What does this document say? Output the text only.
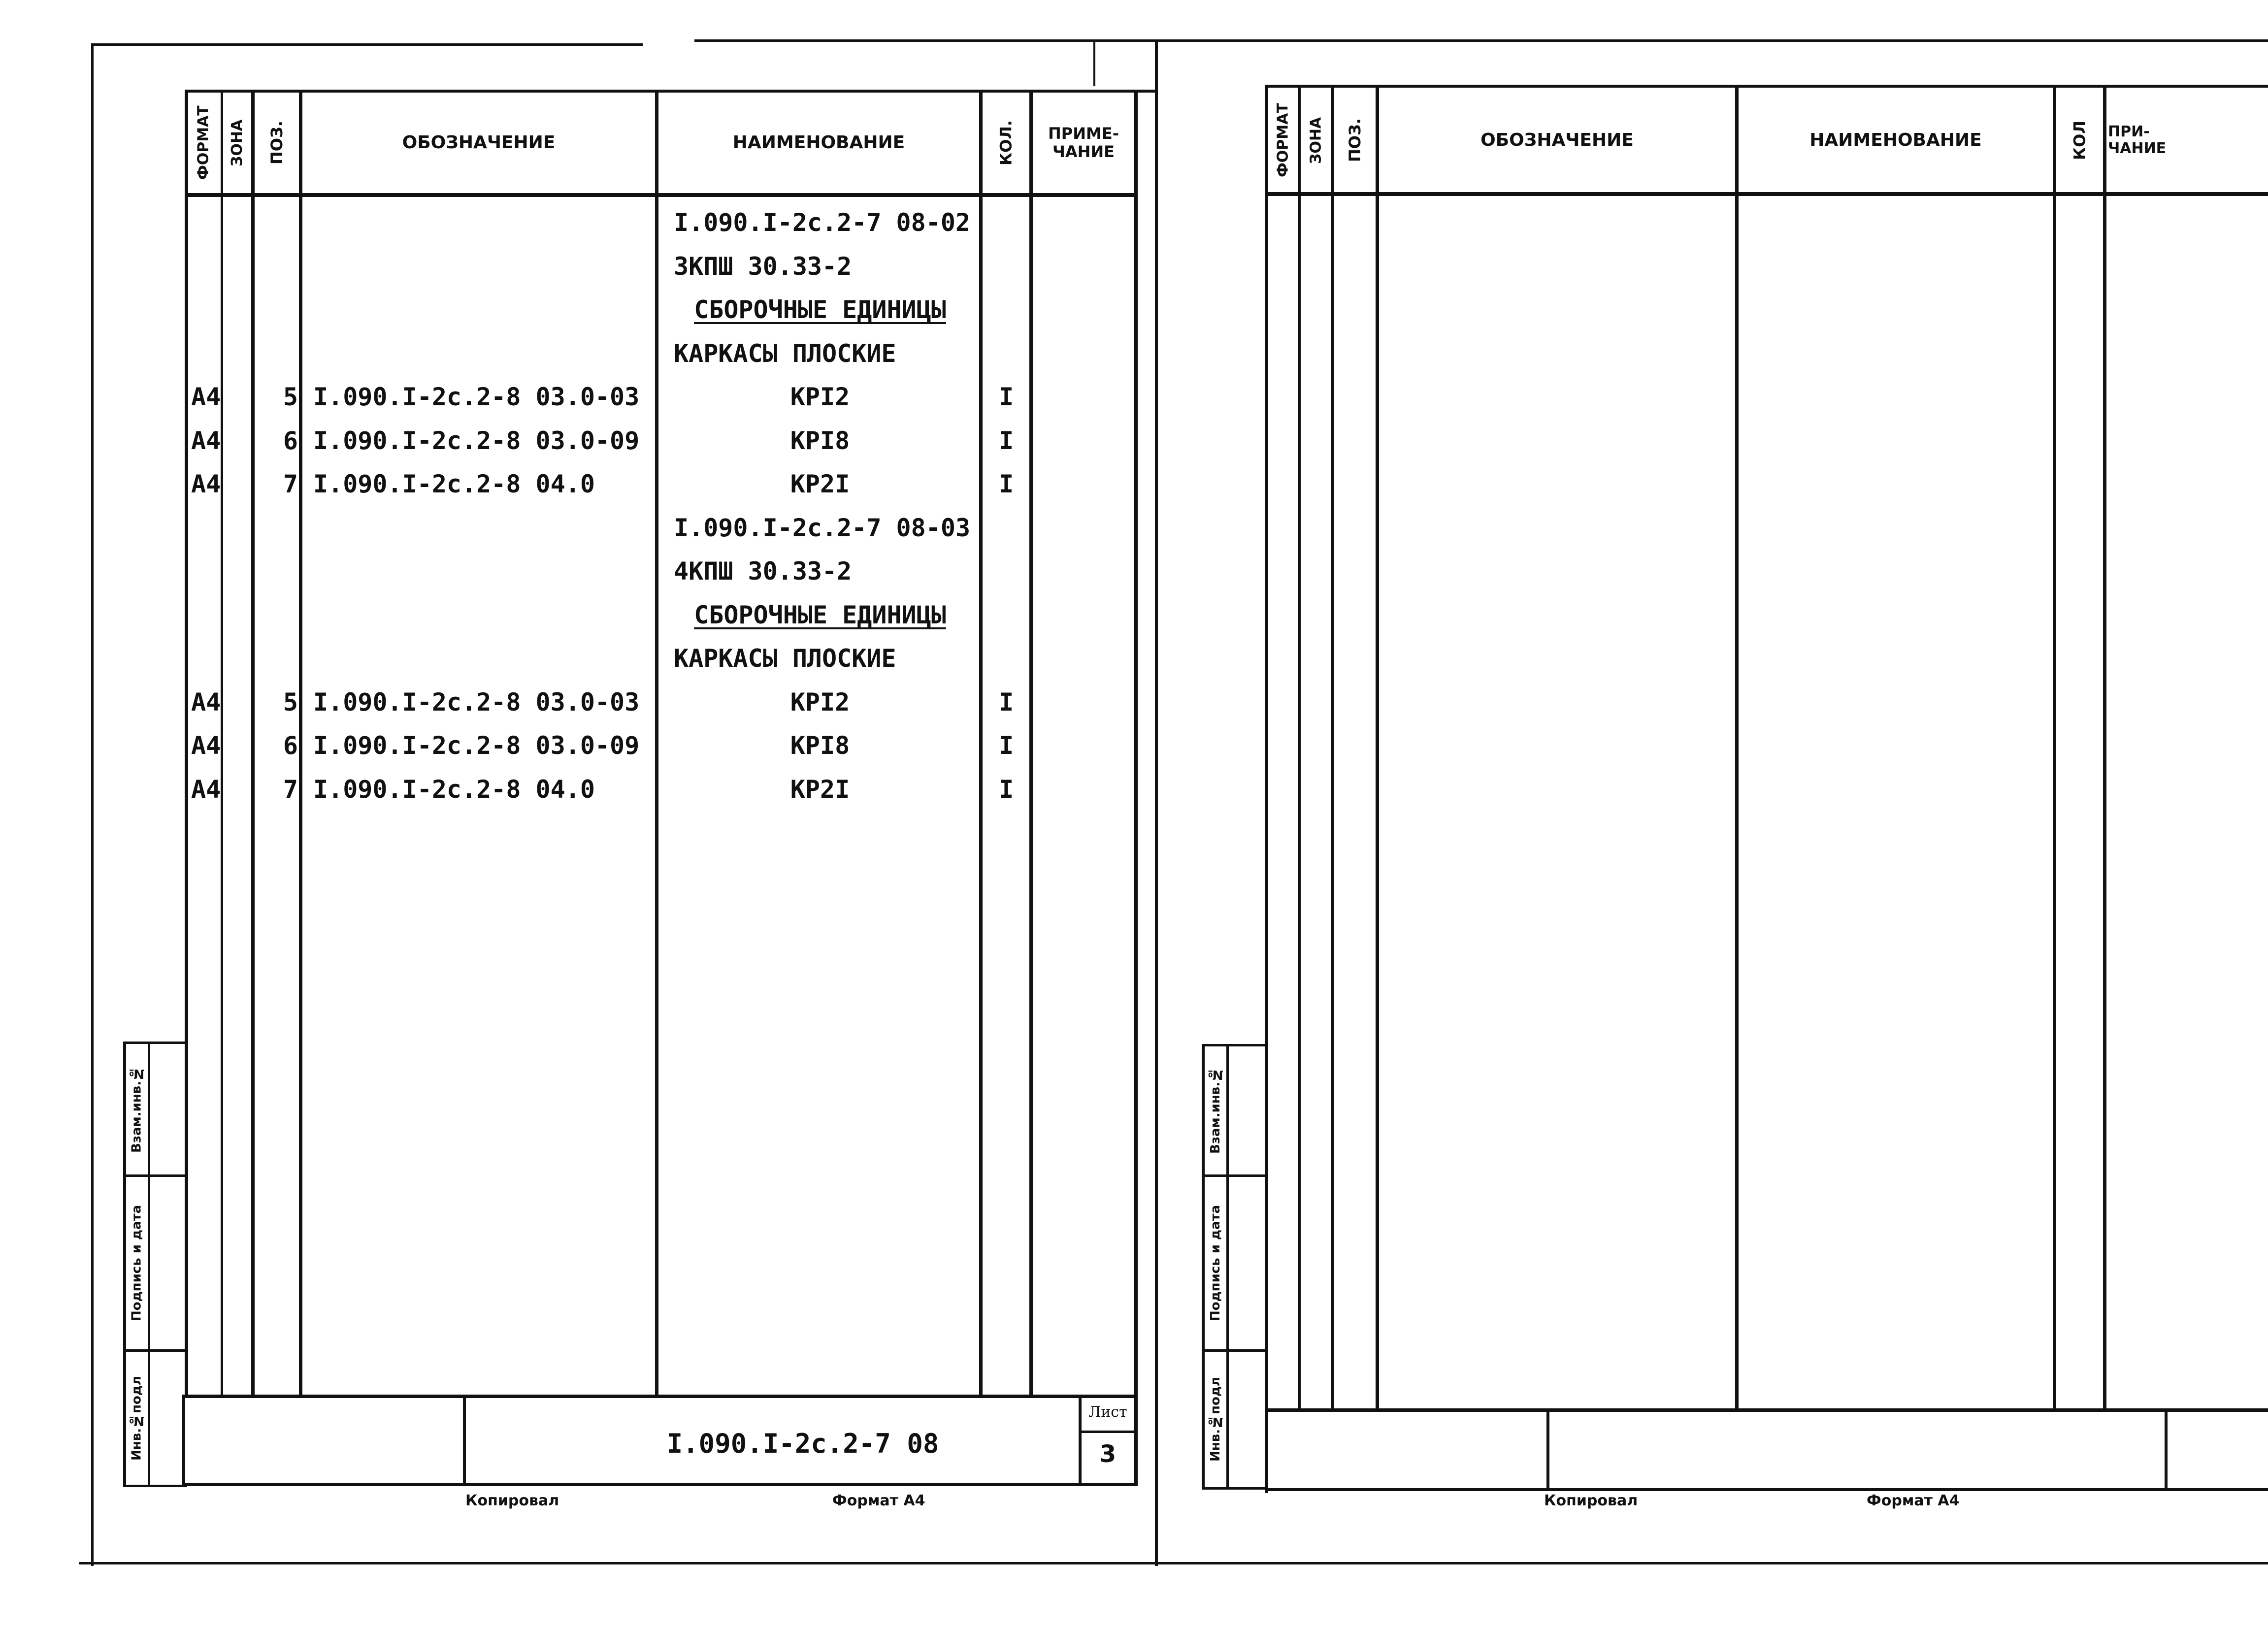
ФОРМАТ	ЗОНА	ПОЗ.	ОБОЗНАЧЕНИЕ	НАИМЕНОВАНИЕ	КОЛ.	ПРИМЕ-
ЧАНИЕ
I.090.I-2c.2-7 08-02
3КПШ 30.33-2
СБОРОЧНЫЕ ЕДИНИЦЫ
КАРКАСЫ ПЛОСКИЕ
А4	5 I.090.I-2c.2-8 03.0-03	КРI2	I
А4	6 I.090.I-2c.2-8 03.0-09	КРI8	I
А4	7 I.090.I-2c.2-8 04.0	КР2I	I
I.090.I-2c.2-7 08-03
4КПШ 30.33-2
СБОРОЧНЫЕ ЕДИНИЦЫ
КАРКАСЫ ПЛОСКИЕ
А4	5 I.090.I-2c.2-8 03.0-03	КРI2	I
А4	6 I.090.I-2c.2-8 03.0-09	КРI8	I
А4	7 I.090.I-2c.2-8 04.0	КР2I	I
Взам.инв.№
Подпись и дата
Инв.№подл	I.090.I-2c.2-7 08
Лист
3
Копировал	Формат А4
ФОРМАТ	ЗОНА	ПОЗ.	ОБОЗНАЧЕНИЕ	НАИМЕНОВАНИЕ	КОЛ	ПРИ-
ЧАНИЕ
Взам.инв.№
Подпись и дата
Инв.№подл
Копировал	Формат А4
